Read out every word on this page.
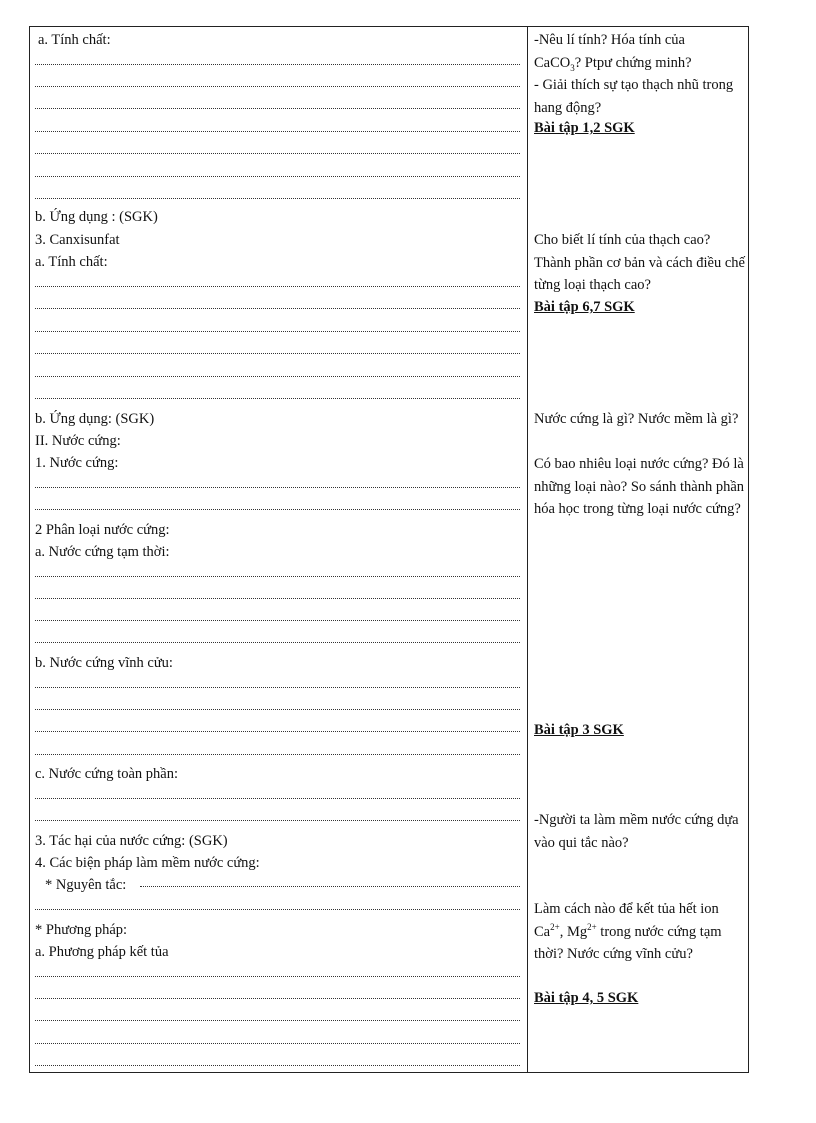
a. Tính chất:
b. Ứng dụng : (SGK)
3. Canxisunfat
a. Tính chất:
b. Ứng dụng: (SGK)
II. Nước cứng:
1. Nước cứng:
2 Phân loại nước cứng:
a. Nước cứng tạm thời:
b. Nước cứng vĩnh cửu:
c. Nước cứng toàn phần:
3. Tác hại của nước cứng: (SGK)
4. Các biện pháp làm mềm nước cứng:
* Nguyên tắc:
* Phương pháp:
a. Phương pháp kết tủa
-Nêu lí tính? Hóa tính của
CaCO$_3$? Ptpư chứng minh?
- Giải thích sự tạo thạch nhũ trong hang động?
Bài tập 1,2 SGK
Cho biết lí tính của thạch cao? Thành phần cơ bản và cách điều chế từng loại thạch cao?
Bài tập 6,7 SGK
Nước cứng là gì? Nước mềm là gì?
Có bao nhiêu loại nước cứng? Đó là những loại nào? So sánh thành phần hóa học trong từng loại nước cứng?
Bài tập 3 SGK
-Người ta làm mềm nước cứng dựa vào qui tắc nào?
Làm cách nào để kết tủa hết ion $Ca^{2+}$, $Mg^{2+}$ trong nước cứng tạm thời? Nước cứng vĩnh cửu?
Bài tập 4, 5 SGK
